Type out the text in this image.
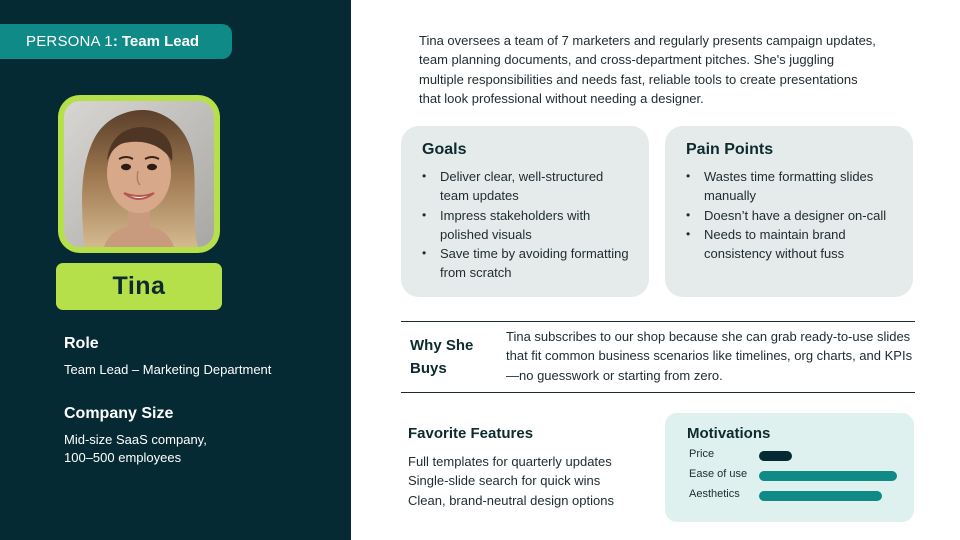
PERSONA 1 : Team Lead
Tina
Role
Team Lead – Marketing Department
Company Size
Mid-size SaaS company,
100–500 employees
Tina oversees a team of 7 marketers and regularly presents campaign updates, team planning documents, and cross-department pitches. She's juggling multiple responsibilities and needs fast, reliable tools to create presentations that look professional without needing a designer.
Goals
• Deliver clear, well-structured team updates
• Impress stakeholders with polished visuals
• Save time by avoiding formatting from scratch
Pain Points
• Wastes time formatting slides manually
• Doesn’t have a designer on-call
• Needs to maintain brand consistency without fuss
Why She Buys
Tina subscribes to our shop because she can grab ready-to-use slides that fit common business scenarios like timelines, org charts, and KPIs—no guesswork or starting from zero.
Favorite Features
Full templates for quarterly updates
Single-slide search for quick wins
Clean, brand-neutral design options
Motivations
Price
Ease of use
Aesthetics
